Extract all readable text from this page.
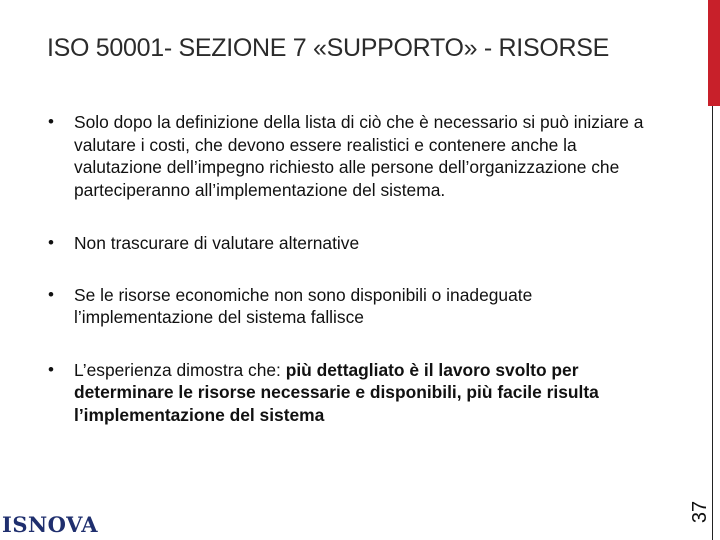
ISO 50001- SEZIONE 7 «SUPPORTO» - RISORSE
37
• Solo dopo la definizione della lista di ciò che è necessario si può iniziare a valutare i costi, che devono essere realistici e contenere anche la valutazione dell’impegno richiesto alle persone dell’organizzazione che parteciperanno all’implementazione del sistema.
• Non trascurare di valutare alternative
• Se le risorse economiche non sono disponibili o inadeguate l’implementazione del sistema fallisce
• L’esperienza dimostra che: più dettagliato è il lavoro svolto per determinare le risorse necessarie e disponibili, più facile risulta l’implementazione del sistema
ISNOVA
